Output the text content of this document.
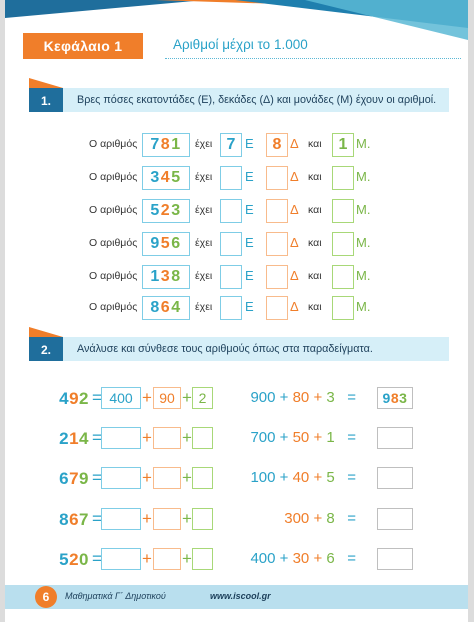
Κεφάλαιο 1	Αριθμοί μέχρι το 1.000
1.	Βρες πόσες εκατοντάδες (Ε), δεκάδες (Δ) και μονάδες (Μ) έχουν οι αριθμοί.
Ο αριθμός 781	έχει 7 Ε	8 Δ και	1 Μ.
Ο αριθμός 345	έχει	Ε	Δ και	Μ.
Ο αριθμός 523	έχει	Ε	Δ και	Μ.
Ο αριθμός 956	έχει	Ε	Δ και	Μ.
Ο αριθμός 138	έχει	Ε	Δ και	Μ.
Ο αριθμός 864	έχει	Ε	Δ και	Μ.
2.	Ανάλυσε και σύνθεσε τους αριθμούς όπως στα παραδείγματα.
492 = 400 + 90 + 2	900 + 80 + 3 =	983
214 = + +	700 + 50 + 1 =
679 = + +	100 + 40 + 5 =
867 = + +	300 + 8 =
520 = + +	400 + 30 + 6 =
6	Μαθηματικά Γ΄ Δημοτικού	www.iscool.gr
